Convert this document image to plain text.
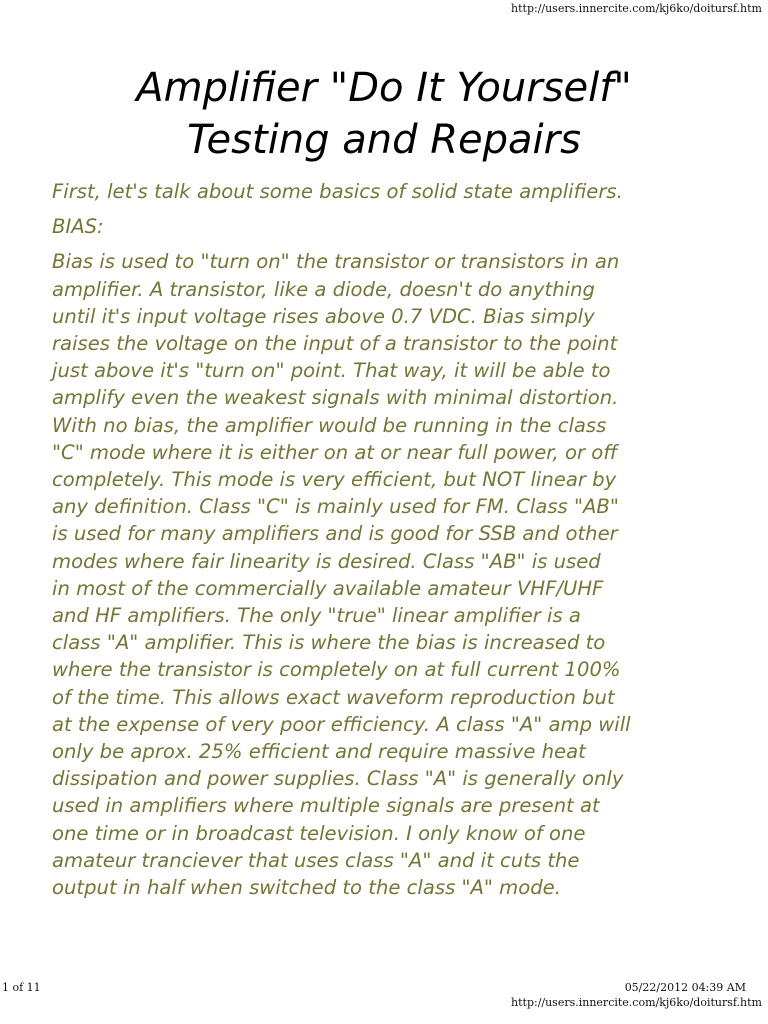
http://users.innercite.com/kj6ko/doitursf.htm
Amplifier "Do It Yourself"
Testing and Repairs

First, let's talk about some basics of solid state amplifiers.

BIAS:

Bias is used to "turn on" the transistor or transistors in an
amplifier. A transistor, like a diode, doesn't do anything
until it's input voltage rises above 0.7 VDC. Bias simply
raises the voltage on the input of a transistor to the point
just above it's "turn on" point. That way, it will be able to
amplify even the weakest signals with minimal distortion.
With no bias, the amplifier would be running in the class
"C" mode where it is either on at or near full power, or off
completely. This mode is very efficient, but NOT linear by
any definition. Class "C" is mainly used for FM. Class "AB"
is used for many amplifiers and is good for SSB and other
modes where fair linearity is desired. Class "AB" is used
in most of the commercially available amateur VHF/UHF
and HF amplifiers. The only "true" linear amplifier is a
class "A" amplifier. This is where the bias is increased to
where the transistor is completely on at full current 100%
of the time. This allows exact waveform reproduction but
at the expense of very poor efficiency. A class "A" amp will
only be aprox. 25% efficient and require massive heat
dissipation and power supplies. Class "A" is generally only
used in amplifiers where multiple signals are present at
one time or in broadcast television. I only know of one
amateur tranciever that uses class "A" and it cuts the
output in half when switched to the class "A" mode.

1 of 11	05/22/2012 04:39 AM
http://users.innercite.com/kj6ko/doitursf.htm
